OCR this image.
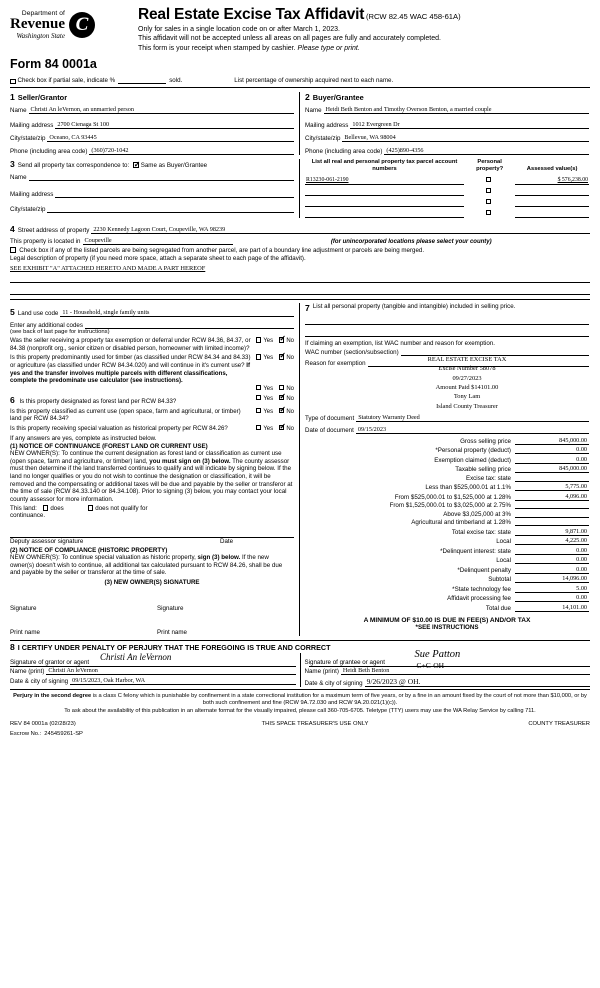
Department of
Revenue
Washington State
C	Real Estate Excise Tax Affidavit (RCW 82.45 WAC 458-61A)
Only for sales in a single location code on or after March 1, 2023.
This affidavit will not be accepted unless all areas on all pages are fully and accurately completed.
This form is your receipt when stamped by cashier. Please type or print.
Form 84 0001a
Check box if partial sale, indicate %	sold.	List percentage of ownership acquired next to each name.
1 Seller/Grantor
Name Christi An leVernon, an unmarried person
Mailing address 2700 Cienaga St 100
City/state/zip Oceano, CA 93445
Phone (including area code) (360)720-1042
2 Buyer/Grantee
Name Heidi Beth Benton and Timothy Overson Benton, a married couple
Mailing address 1012 Evergreen Dr
City/state/zip Bellevue, WA 98004
Phone (including area code) (425)890-4356
3 Send all property tax correspondence to: ✓ Same as Buyer/Grantee
Name
Mailing address
City/state/zip
List all real and personal property tax parcel account numbers	Personal property?	Assessed value(s)
R13230-061-2190		$ 576,238.00

4 Street address of property 2230 Kennedy Lagoon Court, Coupeville, WA 98239
This property is located in Coupeville	(for unincorporated locations please select your county)
Check box if any of the listed parcels are being segregated from another parcel, are part of a boundary line adjustment or parcels are being merged.
Legal description of property (if you need more space, attach a separate sheet to each page of the affidavit).
SEE EXHIBIT "A" ATTACHED HERETO AND MADE A PART HEREOF
5 Land use code 11 - Household, single family units
Enter any additional codes
(see back of last page for instructions)
Was the seller receiving a property tax exemption or deferral under RCW 84.36, 84.37, or 84.38 (nonprofit org., senior citizen or disabled person, homeowner with limited income)?
Yes ✓ No
Is this property predominantly used for timber (as classified under RCW 84.34 and 84.33) or agriculture (as classified under RCW 84.34.020) and will continue in it's current use? If yes and the transfer involves multiple parcels with different classifications, complete the predominate use calculator (see instructions).
Yes ✓ No
Yes No
6 Is this property designated as forest land per RCW 84.33?	Yes ✓ No
Is this property classified as current use (open space, farm and agricultural, or timber) land per RCW 84.34?
Yes ✓ No
Is this property receiving special valuation as historical property per RCW 84.26?	Yes ✓ No
If any answers are yes, complete as instructed below.
(1) NOTICE OF CONTINUANCE (FOREST LAND OR CURRENT USE)
NEW OWNER(S): To continue the current designation as forest land or classification as current use (open space, farm and agriculture, or timber) land, you must sign on (3) below. The county assessor must then determine if the land transferred continues to qualify and will indicate by signing below. If the land no longer qualifies or you do not wish to continue the designation or classification, it will be removed and the compensating or additional taxes will be due and payable by the seller or transferor at the time of sale (RCW 84.33.140 or 84.34.108). Prior to signing (3) below, you may contact your local county assessor for more information.
This land:	does	does not qualify for
continuance.
Deputy assessor signature	Date
(2) NOTICE OF COMPLIANCE (HISTORIC PROPERTY)
NEW OWNER(S): To continue special valuation as historic property, sign (3) below. If the new owner(s) doesn't wish to continue, all additional tax calculated pursuant to RCW 84.26, shall be due and payable by the seller or transferor at the time of sale.
(3) NEW OWNER(S) SIGNATURE

Signature	Signature

Print name	Print name
7 List all personal property (tangible and intangible) included in selling price.
If claiming an exemption, list WAC number and reason for exemption.
WAC number (section/subsection)
Reason for exemption
REAL ESTATE EXCISE TAX
Excise Number 58078
09/27/2023
Amount Paid $14101.00
Tony Lam
Island County Treasurer
Type of document Statutory Warranty Deed
Date of document 09/15/2023
Gross selling price	845,000.00
*Personal property (deduct)	0.00
Exemption claimed (deduct)	0.00
Taxable selling price	845,000.00
Excise tax: state
Less than $525,000.01 at 1.1%	5,775.00
From $525,000.01 to $1,525,000 at 1.28%	4,096.00
From $1,525,000.01 to $3,025,000 at 2.75%
Above $3,025,000 at 3%
Agricultural and timberland at 1.28%
Total excise tax: state	9,871.00
Local	4,225.00
*Delinquent interest: state	0.00
Local	0.00
*Delinquent penalty	0.00
Subtotal	14,096.00
*State technology fee	5.00
Affidavit processing fee	0.00
Total due	14,101.00
A MINIMUM OF $10.00 IS DUE IN FEE(S) AND/OR TAX
*SEE INSTRUCTIONS
8 I CERTIFY UNDER PENALTY OF PERJURY THAT THE FOREGOING IS TRUE AND CORRECT
Christi An leVernon
Signature of grantor or agent
Name (print) Christi An leVernon
Date & city of signing 09/15/2023, Oak Harbor, WA
Sue Patton
Signature of grantee or agent
Name (print) Heidi Beth Benton
C+C-OH
Date & city of signing 9/26/2023 @ OH.
Perjury in the second degree is a class C felony which is punishable by confinement in a state correctional institution for a maximum term of five years, or by a fine in an amount fixed by the court of not more than $10,000, or by both such confinement and fine (RCW 9A.72.030 and RCW 9A.20.021(1)(c)).
To ask about the availability of this publication in an alternate format for the visually impaired, please call 360-705-6705. Teletype (TTY) users may use the WA Relay Service by calling 711.
REV 84 0001a (02/28/23)	THIS SPACE TREASURER'S USE ONLY	COUNTY TREASURER
Escrow No.: 245459261-SP
